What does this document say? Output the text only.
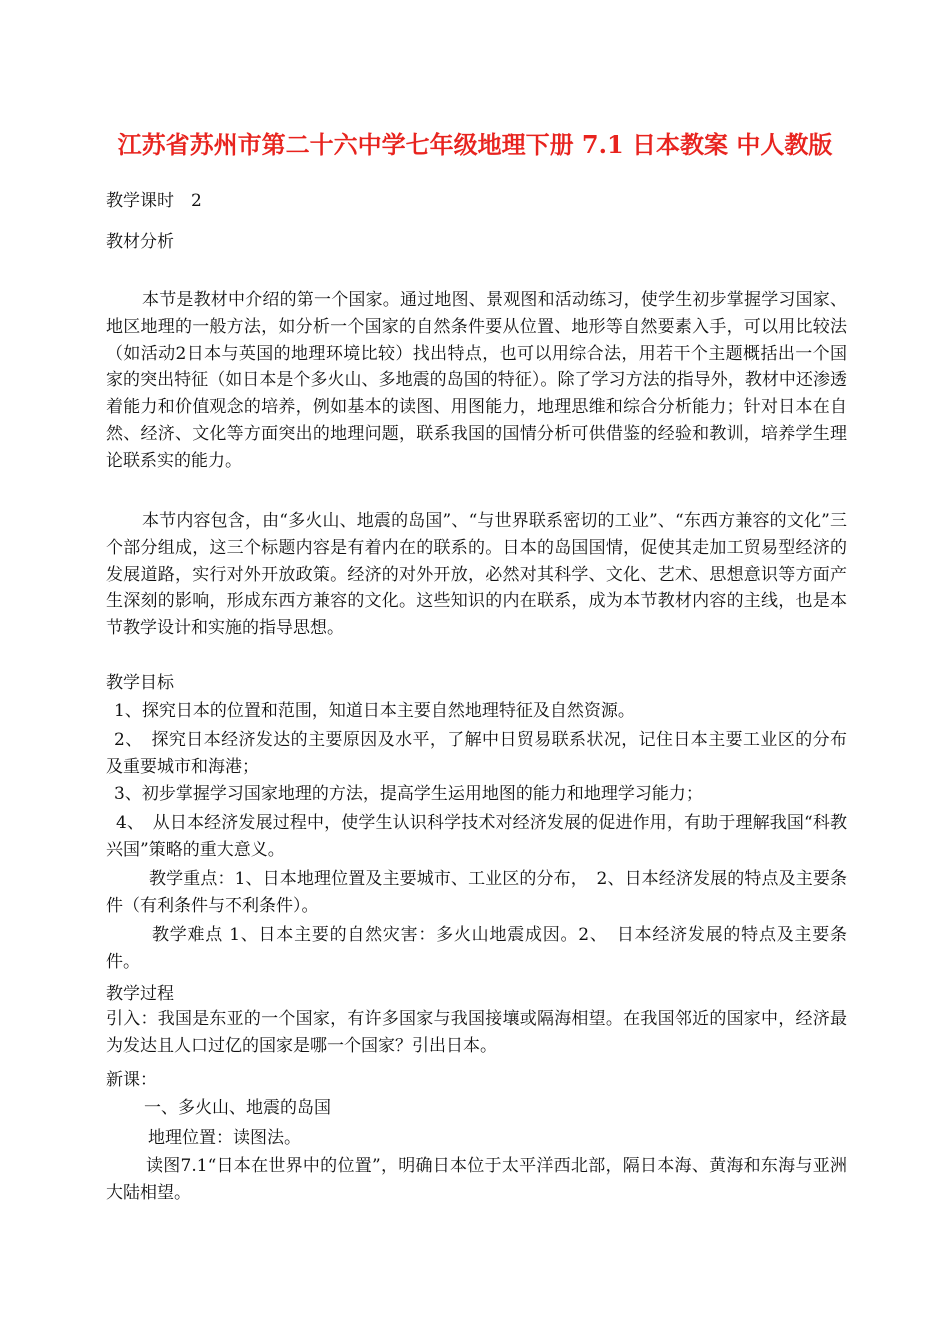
江苏省苏州市第二十六中学七年级地理下册 7.1 日本教案 中人教版
教学课时　2
教材分析
本节是教材中介绍的第一个国家。通过地图、景观图和活动练习，使学生初步掌握学习国家、地区地理的一般方法，如分析一个国家的自然条件要从位置、地形等自然要素入手，可以用比较法（如活动2日本与英国的地理环境比较）找出特点，也可以用综合法，用若干个主题概括出一个国家的突出特征（如日本是个多火山、多地震的岛国的特征）。除了学习方法的指导外，教材中还渗透着能力和价值观念的培养，例如基本的读图、用图能力，地理思维和综合分析能力；针对日本在自然、经济、文化等方面突出的地理问题，联系我国的国情分析可供借鉴的经验和教训，培养学生理论联系实的能力。
本节内容包含，由“多火山、地震的岛国”、“与世界联系密切的工业”、“东西方兼容的文化”三个部分组成，这三个标题内容是有着内在的联系的。日本的岛国国情，促使其走加工贸易型经济的发展道路，实行对外开放政策。经济的对外开放，必然对其科学、文化、艺术、思想意识等方面产生深刻的影响，形成东西方兼容的文化。这些知识的内在联系，成为本节教材内容的主线，也是本节教学设计和实施的指导思想。
教学目标
1、探究日本的位置和范围，知道日本主要自然地理特征及自然资源。
2、　探究日本经济发达的主要原因及水平，了解中日贸易联系状况，记住日本主要工业区的分布及重要城市和海港；
3、初步掌握学习国家地理的方法，提高学生运用地图的能力和地理学习能力；
4、　从日本经济发展过程中，使学生认识科学技术对经济发展的促进作用，有助于理解我国“科教兴国”策略的重大意义。
教学重点：1、日本地理位置及主要城市、工业区的分布，　2、日本经济发展的特点及主要条件（有利条件与不利条件）。
教学难点 1、日本主要的自然灾害：多火山地震成因。2、　日本经济发展的特点及主要条件。
教学过程
引入：我国是东亚的一个国家，有许多国家与我国接壤或隔海相望。在我国邻近的国家中，经济最为发达且人口过亿的国家是哪一个国家？引出日本。
新课：
一、多火山、地震的岛国
地理位置：读图法。
读图7.1“日本在世界中的位置”，明确日本位于太平洋西北部，隔日本海、黄海和东海与亚洲大陆相望。
